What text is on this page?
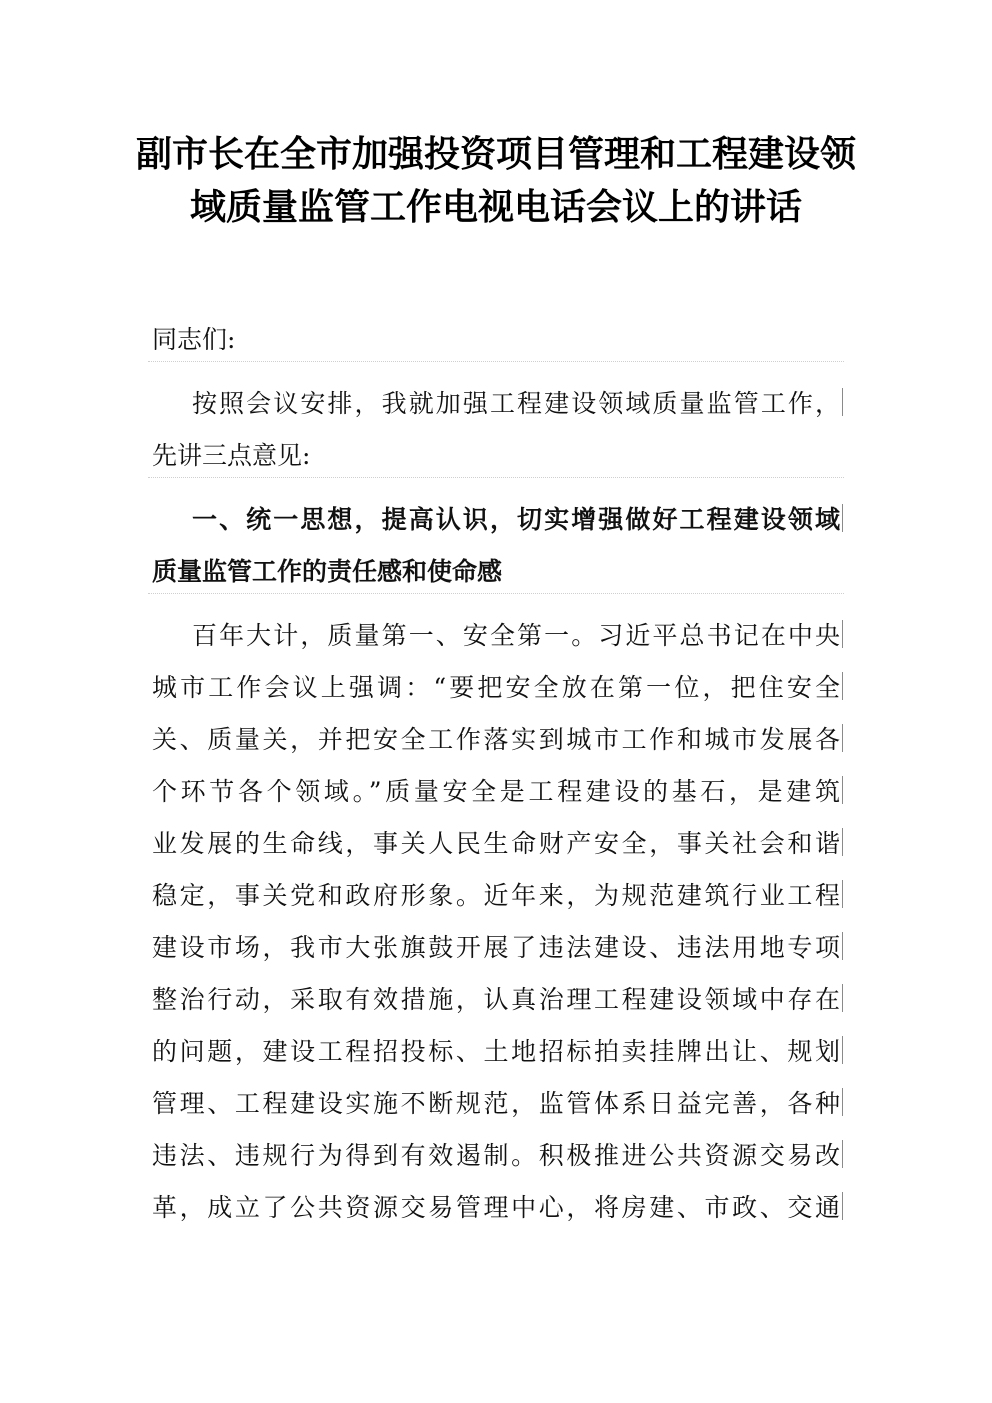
副市长在全市加强投资项目管理和工程建设领域质量监管工作电视电话会议上的讲话
同志们:
按照会议安排，我就加强工程建设领域质量监管工作，
先讲三点意见:
一、统一思想，提高认识，切实增强做好工程建设领域
质量监管工作的责任感和使命感
百年大计，质量第一、安全第一。习近平总书记在中央
城市工作会议上强调：“要把安全放在第一位，把住安全
关、质量关，并把安全工作落实到城市工作和城市发展各
个环节各个领域。”质量安全是工程建设的基石，是建筑
业发展的生命线，事关人民生命财产安全，事关社会和谐
稳定，事关党和政府形象。近年来，为规范建筑行业工程
建设市场，我市大张旗鼓开展了违法建设、违法用地专项
整治行动，采取有效措施，认真治理工程建设领域中存在
的问题，建设工程招投标、土地招标拍卖挂牌出让、规划
管理、工程建设实施不断规范，监管体系日益完善，各种
违法、违规行为得到有效遏制。积极推进公共资源交易改
革，成立了公共资源交易管理中心，将房建、市政、交通
